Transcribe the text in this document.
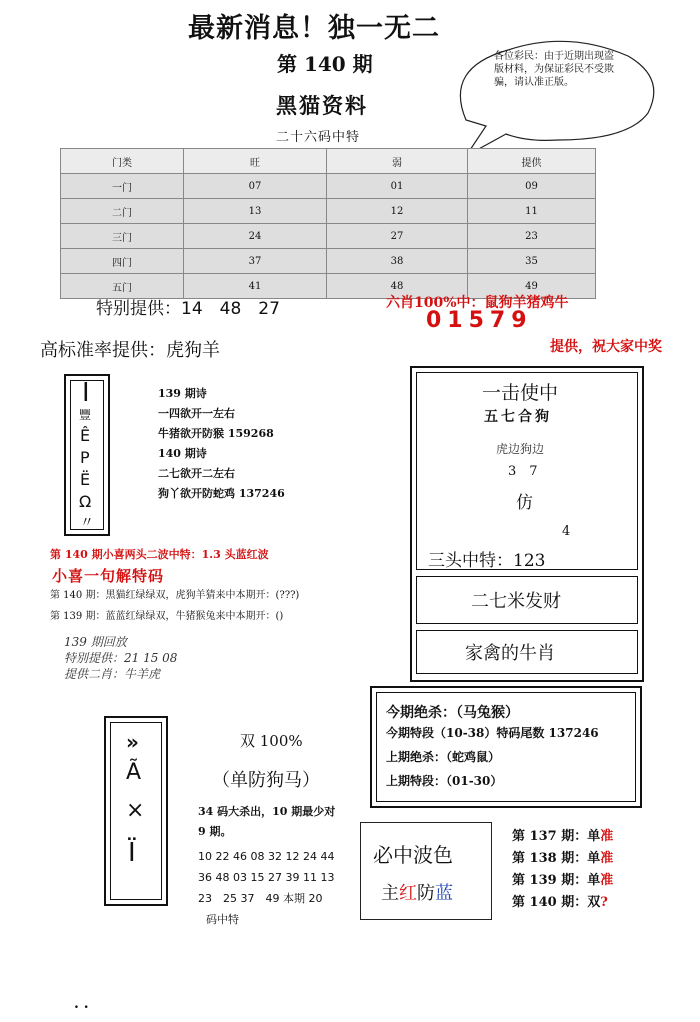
最新消息！独一无二
第 140 期
黑猫资料
二十六码中特
各位彩民：由于近期出现盗版材料，为保证彩民不受欺骗，请认准正版。
门类	旺	弱	提供
一门	07	01	09
二门	13	12	11
三门	24	27	23
四门	37	38	35
五门	41	48	49
特别提供：14　48　27	六肖100%中：鼠狗羊猪鸡牛
01579
高标准率提供：虎狗羊	提供，祝大家中奖
┃
豐
Ê
P
Ë
Ω
〃
139 期诗
一四欲开一左右
牛猪欲开防猴 159268
140 期诗
二七欲开二左右
狗丫欲开防蛇鸡 137246
第 140 期小喜两头二波中特：1.3 头蓝红波
小喜一句解特码
第 140 期：黑猫红绿绿双，虎狗羊猜来中本期开：(???)
第 139 期：蓝蓝红绿绿双，牛猪猴兔来中本期开：()
139 期回放
特别提供：21 15 08
提供二肖：牛羊虎
一击使中
五七合狗
虎边狗边
3　7
仿
4
三头中特：123
二七米发财
家禽的牛肖
今期绝杀：（马兔猴）
今期特段（10-38）特码尾数 137246
上期绝杀：（蛇鸡鼠）
上期特段：（01-30）
»
Ã
×
Ï
双 100%
（单防狗马）
34 码大杀出，10 期最少对
9 期。
10 22 46 08 32 12 24 44
36 48 03 15 27 39 11 13
23　25 37　49 本期 20
码中特
必中波色
主红防蓝
第 137 期：单准
第 138 期：单准
第 139 期：单准
第 140 期：双?
. .
